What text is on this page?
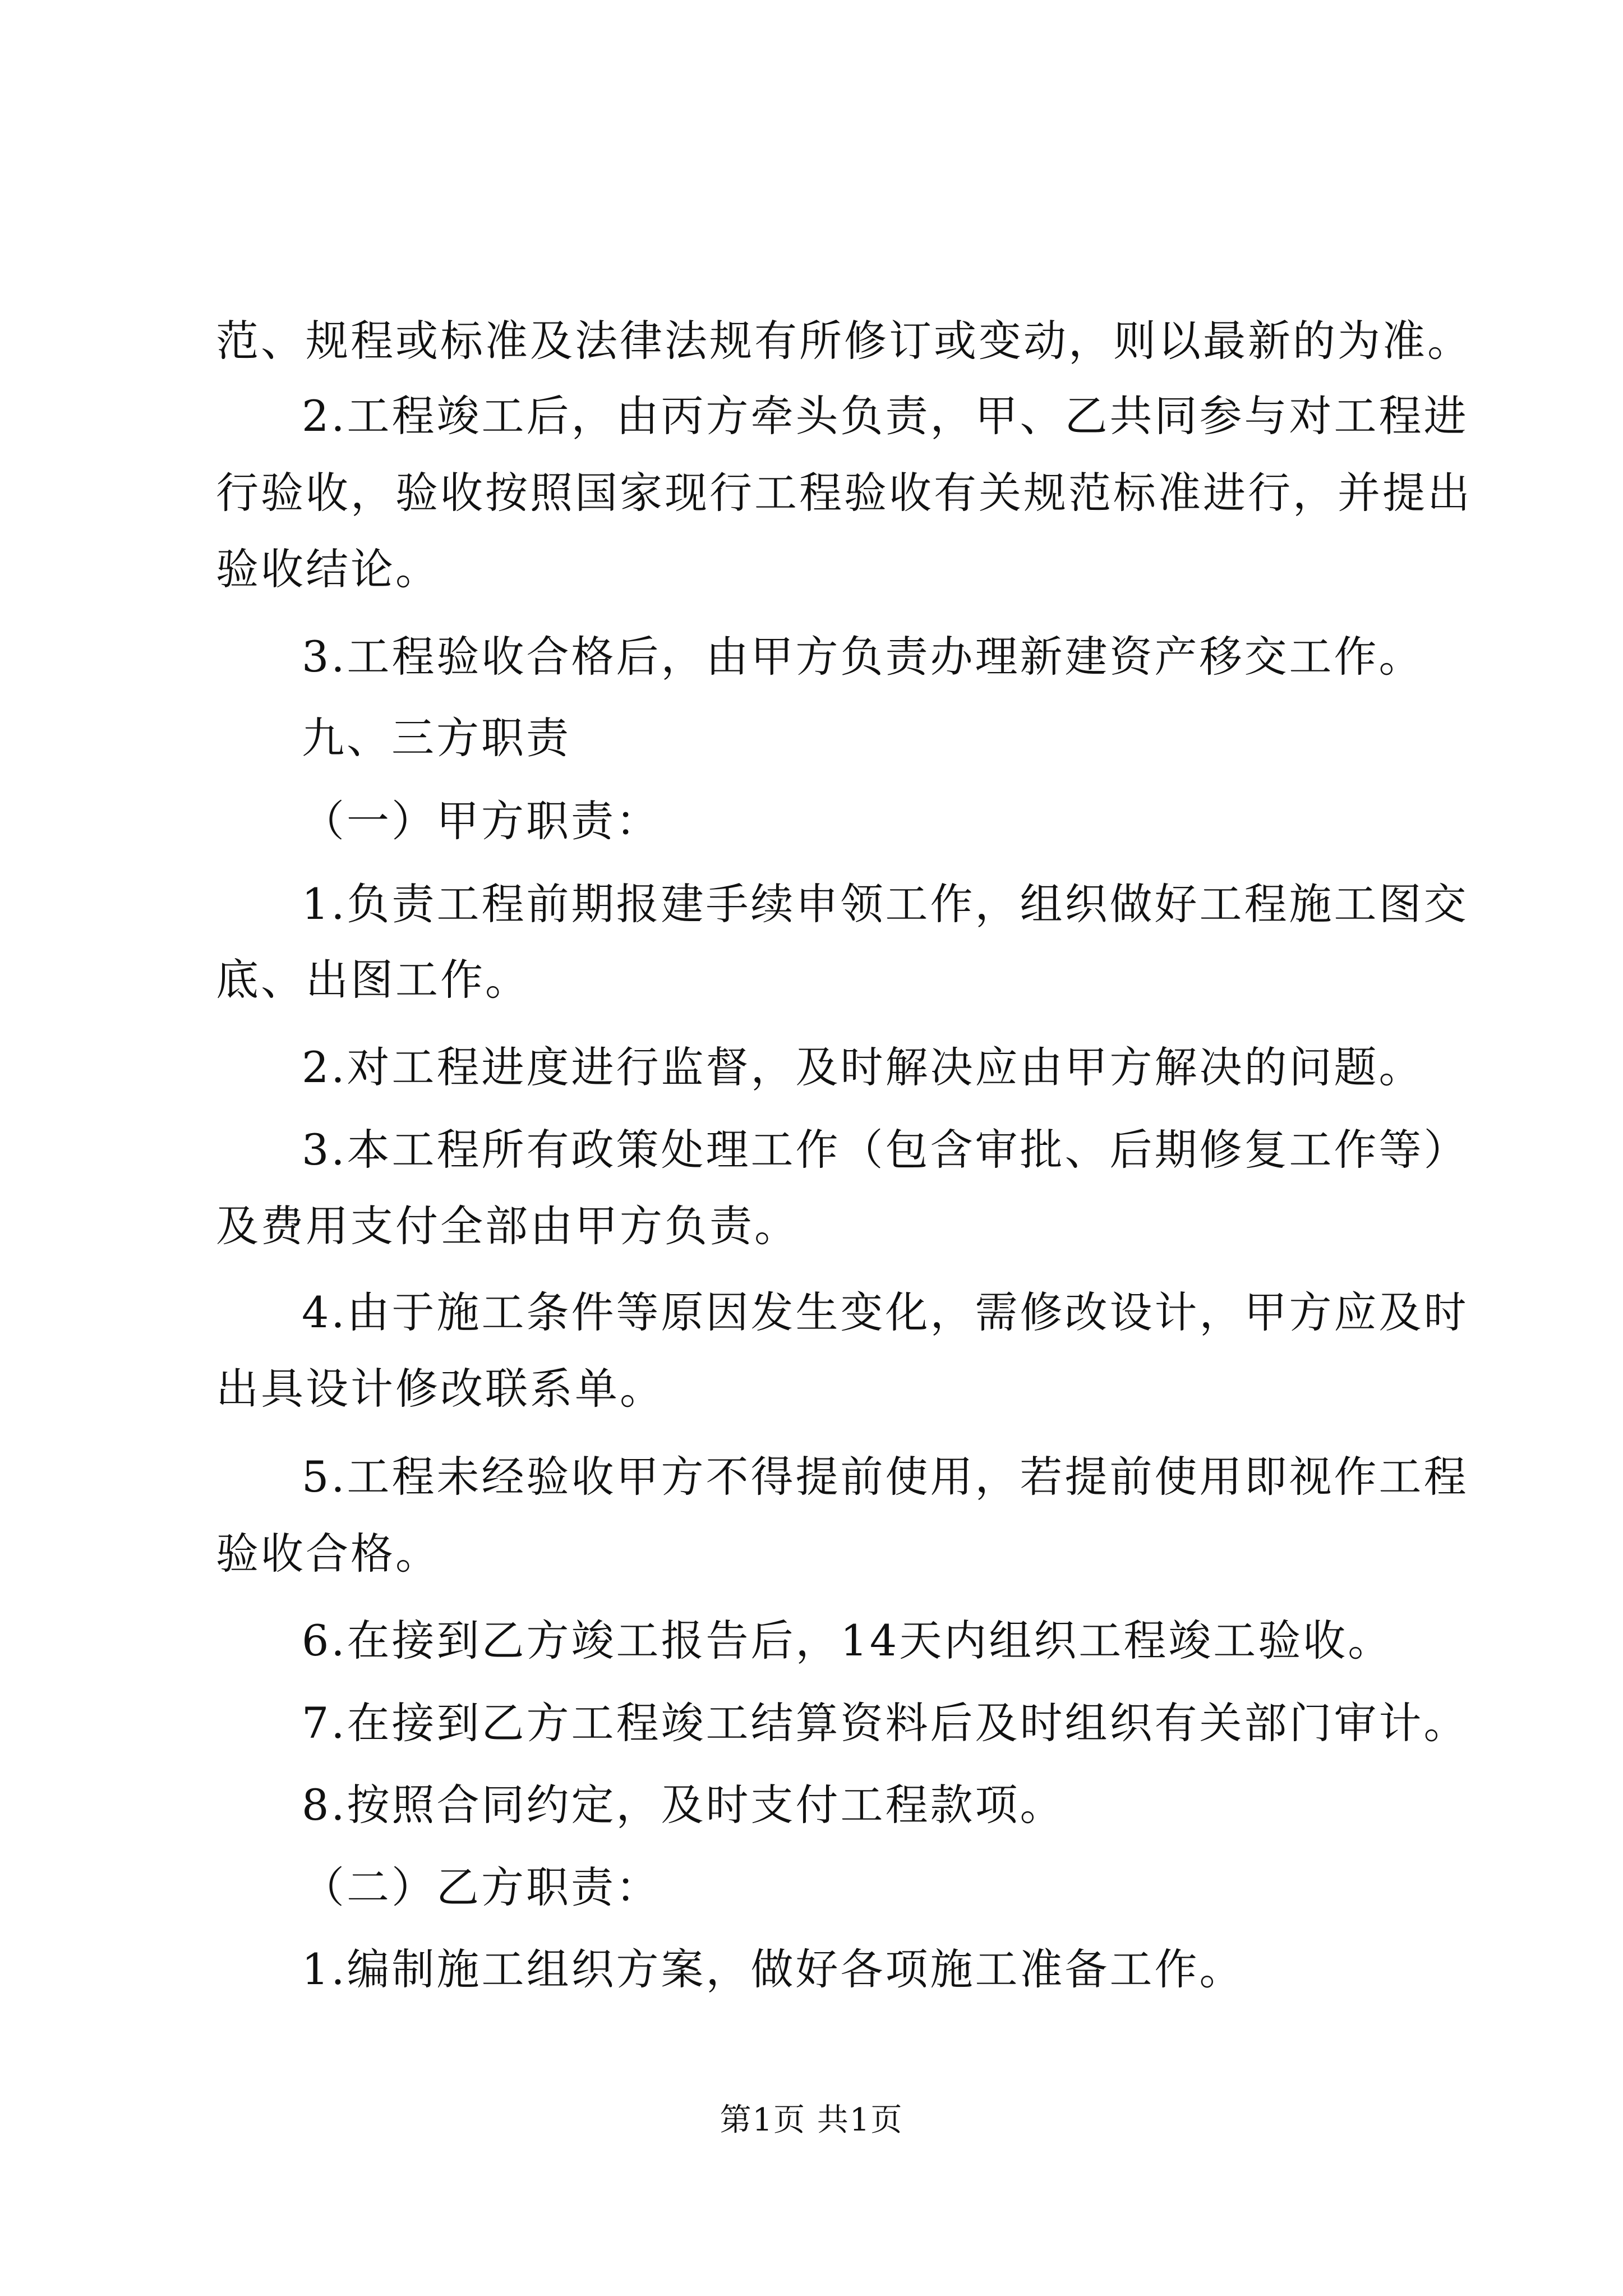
范、规程或标准及法律法规有所修订或变动，则以最新的为准。
2.工程竣工后，由丙方牵头负责，甲、乙共同参与对工程进
行验收，验收按照国家现行工程验收有关规范标准进行，并提出
验收结论。
3.工程验收合格后，由甲方负责办理新建资产移交工作。
九、三方职责
（一）甲方职责：
1.负责工程前期报建手续申领工作，组织做好工程施工图交
底、出图工作。
2.对工程进度进行监督，及时解决应由甲方解决的问题。
3.本工程所有政策处理工作（包含审批、后期修复工作等）
及费用支付全部由甲方负责。
4.由于施工条件等原因发生变化，需修改设计，甲方应及时
出具设计修改联系单。
5.工程未经验收甲方不得提前使用，若提前使用即视作工程
验收合格。
6.在接到乙方竣工报告后，14天内组织工程竣工验收。
7.在接到乙方工程竣工结算资料后及时组织有关部门审计。
8.按照合同约定，及时支付工程款项。
（二）乙方职责：
1.编制施工组织方案，做好各项施工准备工作。
第1页 共1页
